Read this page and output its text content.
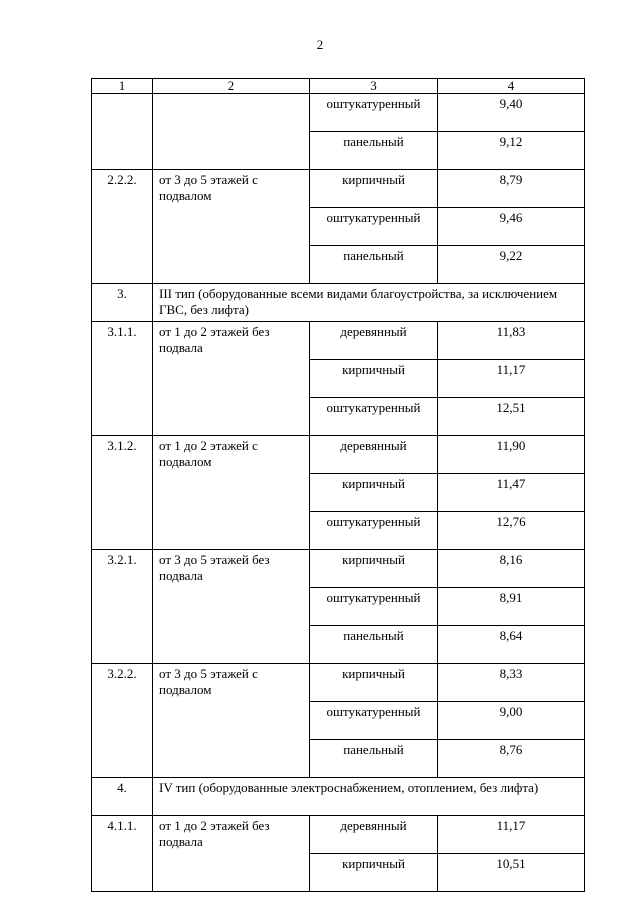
2
1	2	3	4
		оштукатуренный	9,40
		панельный	9,12
2.2.2.	от 3 до 5 этажей с подвалом	кирпичный	8,79
		оштукатуренный	9,46
		панельный	9,22
3.	III тип (оборудованные всеми видами благоустройства, за исключением ГВС, без лифта)		
3.1.1.	от 1 до 2 этажей без подвала	деревянный	11,83
		кирпичный	11,17
		оштукатуренный	12,51
3.1.2.	от 1 до 2 этажей с подвалом	деревянный	11,90
		кирпичный	11,47
		оштукатуренный	12,76
3.2.1.	от 3 до 5 этажей без подвала	кирпичный	8,16
		оштукатуренный	8,91
		панельный	8,64
3.2.2.	от 3 до 5 этажей с подвалом	кирпичный	8,33
		оштукатуренный	9,00
		панельный	8,76
4.	IV тип (оборудованные электроснабжением, отоплением, без лифта)		
4.1.1.	от 1 до 2 этажей без подвала	деревянный	11,17
		кирпичный	10,51
